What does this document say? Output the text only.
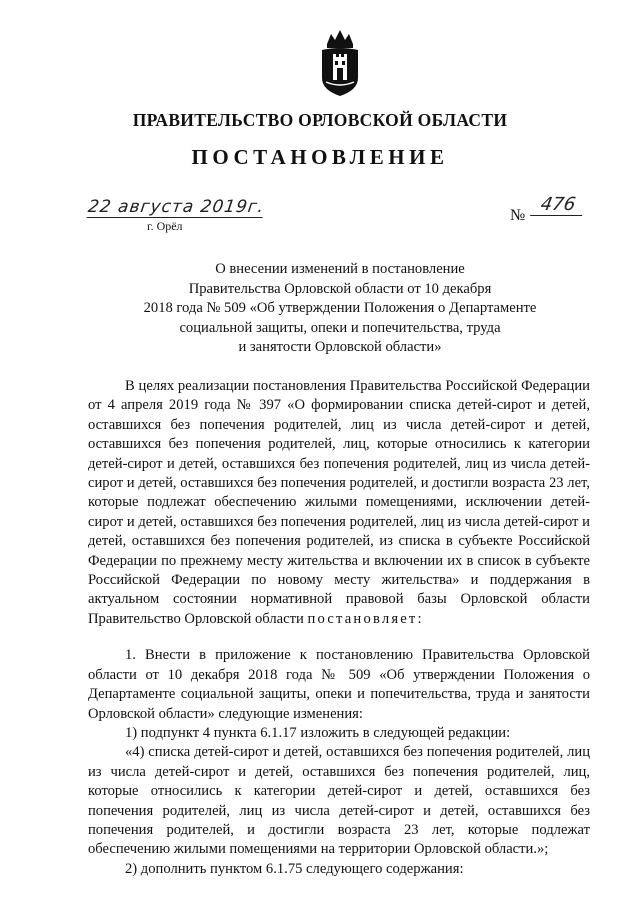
ПРАВИТЕЛЬСТВО ОРЛОВСКОЙ ОБЛАСТИ
ПОСТАНОВЛЕНИЕ
22 августа 2019г.
г. Орёл
№
476
О внесении изменений в постановление
Правительства Орловской области от 10 декабря
2018 года № 509 «Об утверждении Положения о Департаменте
социальной защиты, опеки и попечительства, труда
и занятости Орловской области»

В целях реализации постановления Правительства Российской Федерации от 4 апреля 2019 года № 397 «О формировании списка детей-сирот и детей, оставшихся без попечения родителей, лиц из числа детей-сирот и детей, оставшихся без попечения родителей, лиц, которые относились к категории детей-сирот и детей, оставшихся без попечения родителей, лиц из числа детей-сирот и детей, оставшихся без попечения родителей, и достигли возраста 23 лет, которые подлежат обеспечению жилыми помещениями, исключении детей-сирот и детей, оставшихся без попечения родителей, лиц из числа детей-сирот и детей, оставшихся без попечения родителей, из списка в субъекте Российской Федерации по прежнему месту жительства и включении их в список в субъекте Российской Федерации по новому месту жительства» и поддержания в актуальном состоянии нормативной правовой базы Орловской области Правительство Орловской области постановляет:

1. Внести в приложение к постановлению Правительства Орловской области от 10 декабря 2018 года № 509 «Об утверждении Положения о Департаменте социальной защиты, опеки и попечительства, труда и занятости Орловской области» следующие изменения:

1) подпункт 4 пункта 6.1.17 изложить в следующей редакции:

«4) списка детей-сирот и детей, оставшихся без попечения родителей, лиц из числа детей-сирот и детей, оставшихся без попечения родителей, лиц, которые относились к категории детей-сирот и детей, оставшихся без попечения родителей, лиц из числа детей-сирот и детей, оставшихся без попечения родителей, и достигли возраста 23 лет, которые подлежат обеспечению жилыми помещениями на территории Орловской области.»;

2) дополнить пунктом 6.1.75 следующего содержания:
